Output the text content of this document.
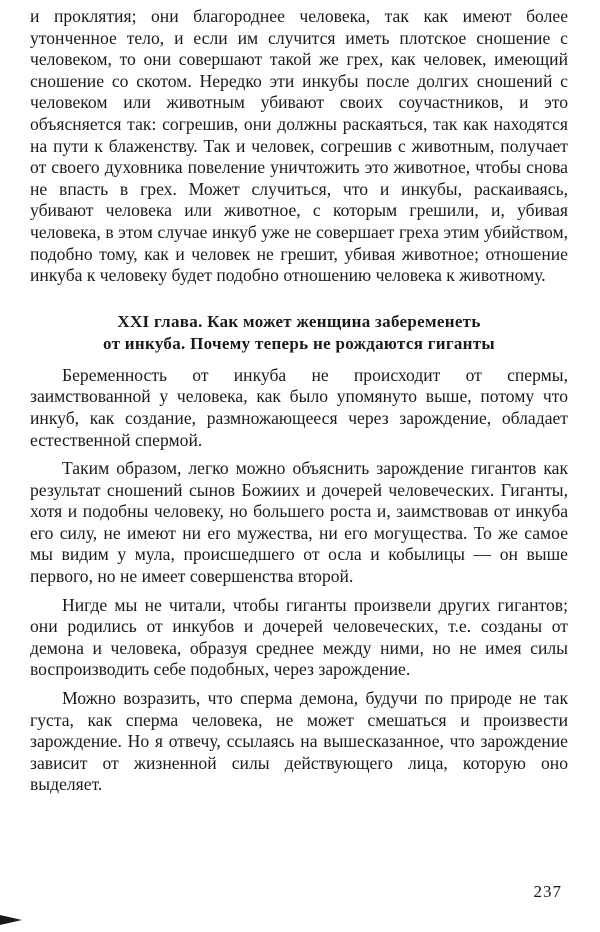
и проклятия; они благороднее человека, так как имеют более утонченное тело, и если им случится иметь плотское сношение с человеком, то они совершают такой же грех, как человек, имеющий сношение со скотом. Нередко эти инкубы после долгих сношений с человеком или животным убивают своих соучастников, и это объясняется так: согрешив, они должны раскаяться, так как находятся на пути к блаженству. Так и человек, согрешив с животным, получает от своего духовника повеление уничтожить это животное, чтобы снова не впасть в грех. Может случиться, что и инкубы, раскаиваясь, убивают человека или животное, с которым грешили, и, убивая человека, в этом случае инкуб уже не совершает греха этим убийством, подобно тому, как и человек не грешит, убивая животное; отношение инкуба к человеку будет подобно отношению человека к животному.

XXI глава. Как может женщина забеременеть
от инкуба. Почему теперь не рождаются гиганты

Беременность от инкуба не происходит от спермы, заимствованной у человека, как было упомянуто выше, потому что инкуб, как создание, размножающееся через зарождение, обладает естественной спермой.

Таким образом, легко можно объяснить зарождение гигантов как результат сношений сынов Божиих и дочерей человеческих. Гиганты, хотя и подобны человеку, но большего роста и, заимствовав от инкуба его силу, не имеют ни его мужества, ни его могущества. То же самое мы видим у мула, происшедшего от осла и кобылицы — он выше первого, но не имеет совершенства второй.

Нигде мы не читали, чтобы гиганты произвели других гигантов; они родились от инкубов и дочерей человеческих, т.е. созданы от демона и человека, образуя среднее между ними, но не имея силы воспроизводить себе подобных, через зарождение.

Можно возразить, что сперма демона, будучи по природе не так густа, как сперма человека, не может смешаться и произвести зарождение. Но я отвечу, ссылаясь на вышесказанное, что зарождение зависит от жизненной силы действующего лица, которую оно выделяет.

237
